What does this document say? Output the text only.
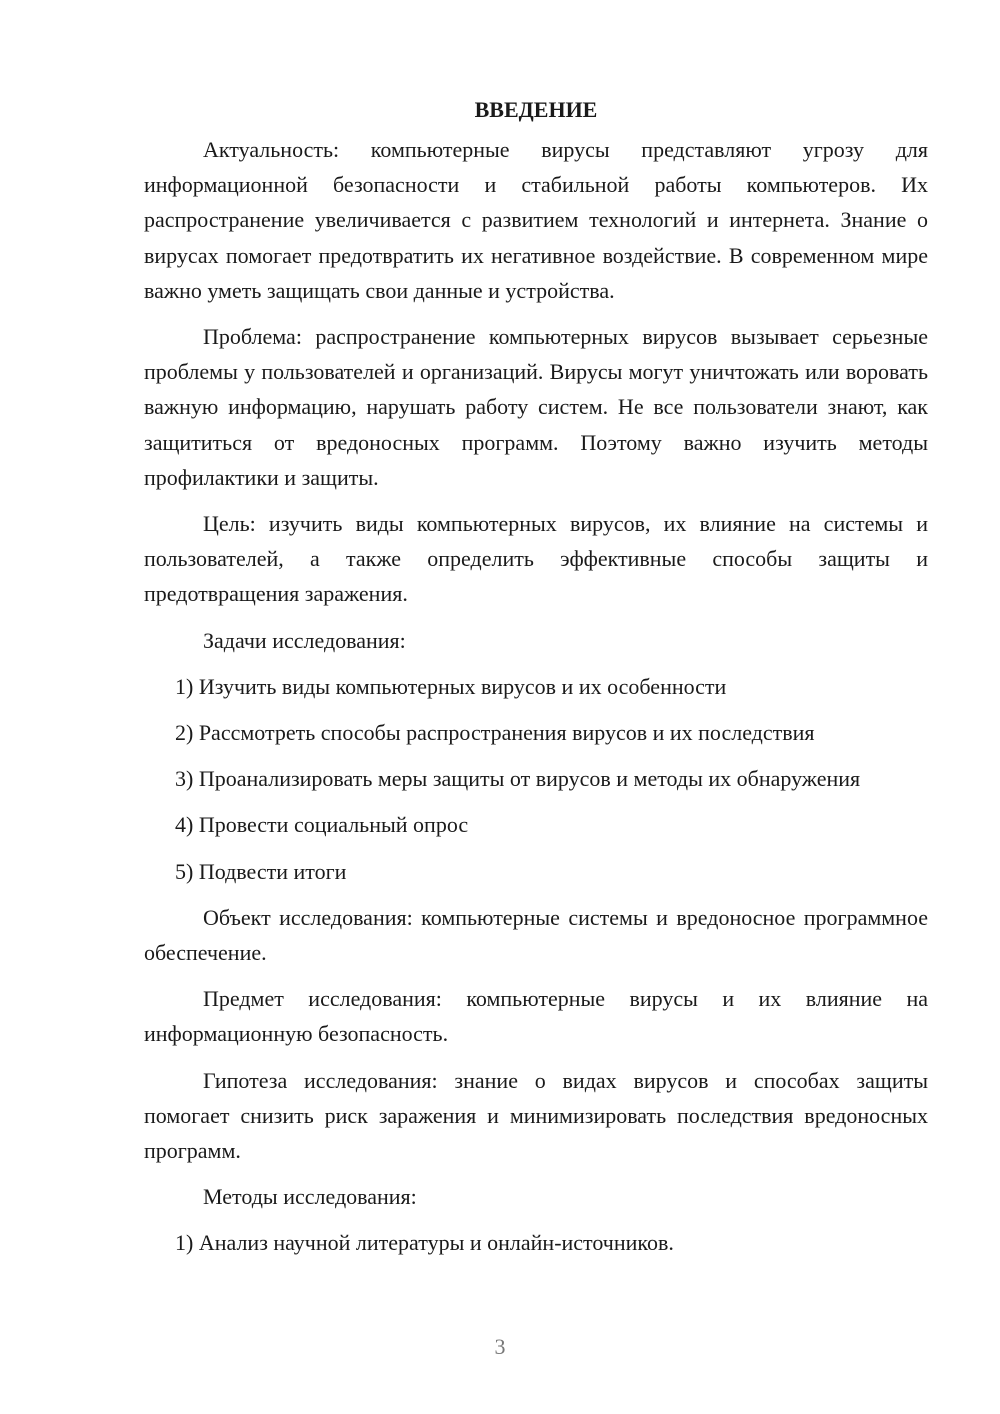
ВВЕДЕНИЕ

Актуальность: компьютерные вирусы представляют угрозу для информационной безопасности и стабильной работы компьютеров. Их распространение увеличивается с развитием технологий и интернета. Знание о вирусах помогает предотвратить их негативное воздействие. В современном мире важно уметь защищать свои данные и устройства.

Проблема: распространение компьютерных вирусов вызывает серьезные проблемы у пользователей и организаций. Вирусы могут уничтожать или воровать важную информацию, нарушать работу систем. Не все пользователи знают, как защититься от вредоносных программ. Поэтому важно изучить методы профилактики и защиты.

Цель: изучить виды компьютерных вирусов, их влияние на системы и пользователей, а также определить эффективные способы защиты и предотвращения заражения.

Задачи исследования:

1) Изучить виды компьютерных вирусов и их особенности

2) Рассмотреть способы распространения вирусов и их последствия

3) Проанализировать меры защиты от вирусов и методы их обнаружения

4) Провести социальный опрос

5) Подвести итоги

Объект исследования: компьютерные системы и вредоносное программное обеспечение.

Предмет исследования: компьютерные вирусы и их влияние на информационную безопасность.

Гипотеза исследования: знание о видах вирусов и способах защиты помогает снизить риск заражения и минимизировать последствия вредоносных программ.

Методы исследования:

1) Анализ научной литературы и онлайн-источников.

3
